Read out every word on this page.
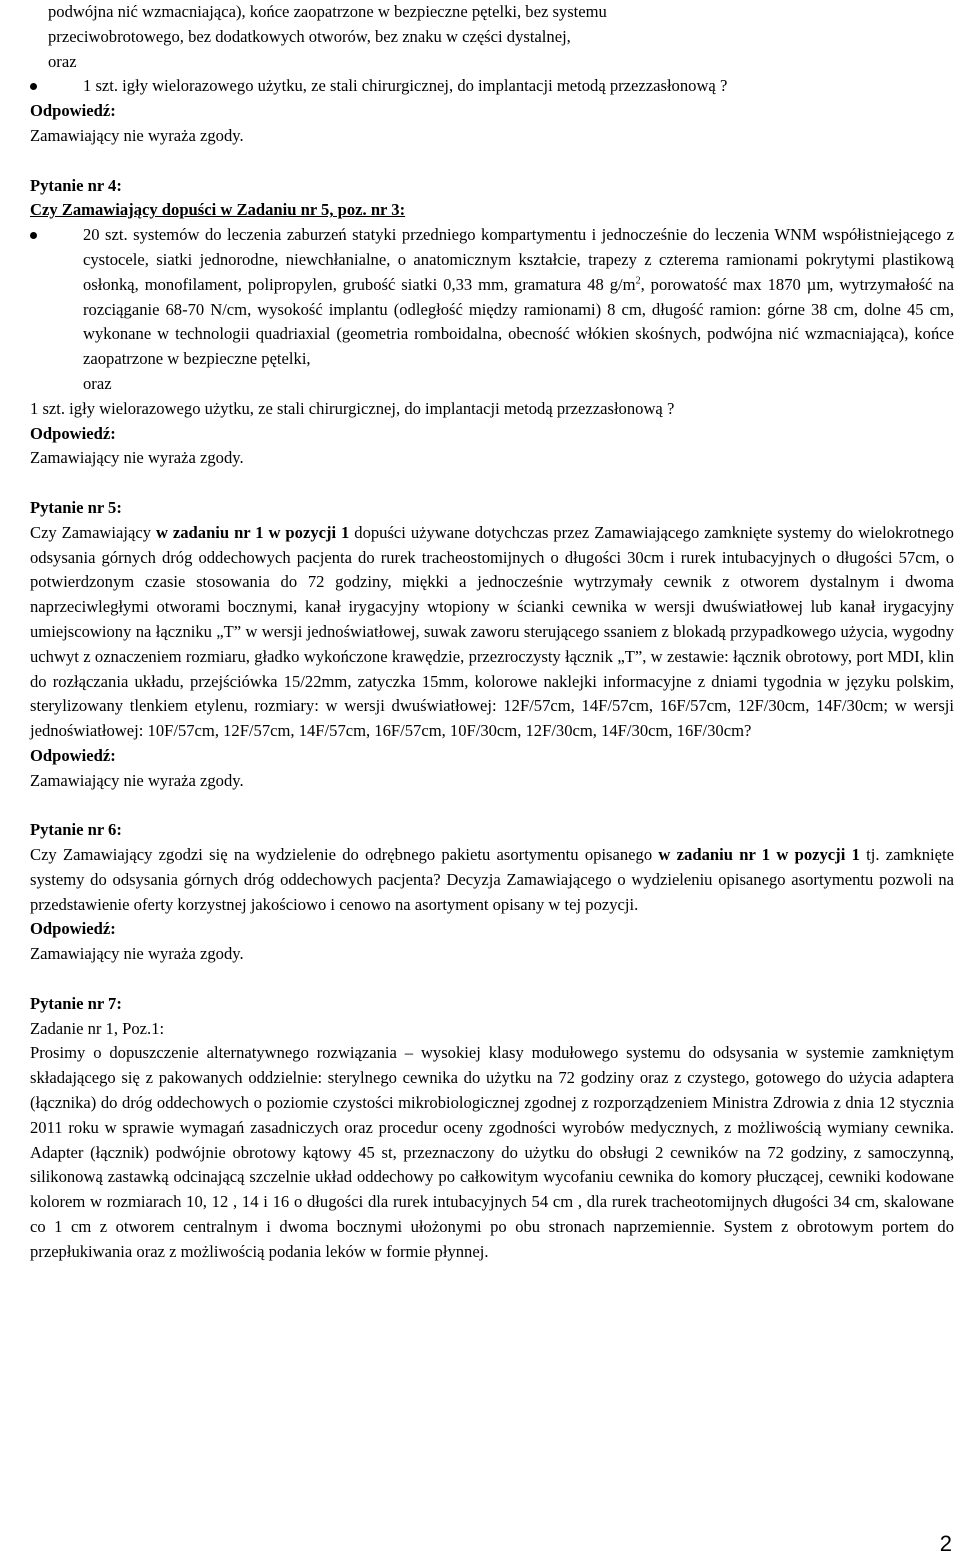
podwójna nić wzmacniająca), końce zaopatrzone w bezpieczne pętelki, bez systemu

przeciwobrotowego, bez dodatkowych otworów, bez znaku w części dystalnej,

oraz

1 szt. igły wielorazowego użytku, ze stali chirurgicznej, do implantacji metodą przezzasłonową ?

Odpowiedź:

Zamawiający nie wyraża zgody.

Pytanie nr 4:

Czy Zamawiający dopuści w Zadaniu nr 5, poz. nr 3:

20 szt. systemów do leczenia zaburzeń statyki przedniego kompartymentu i jednocześnie do leczenia WNM współistniejącego z cystocele, siatki jednorodne, niewchłanialne, o anatomicznym kształcie, trapezy z czterema ramionami pokrytymi plastikową osłonką, monofilament, polipropylen, grubość siatki 0,33 mm, gramatura 48 $g/m^2$, porowatość max 1870 µm, wytrzymałość na rozciąganie 68-70 N/cm, wysokość implantu (odległość między ramionami) 8 cm, długość ramion: górne 38 cm, dolne 45 cm, wykonane w technologii quadriaxial (geometria romboidalna, obecność włókien skośnych, podwójna nić wzmacniająca), końce zaopatrzone w bezpieczne pętelki,

oraz

1 szt. igły wielorazowego użytku, ze stali chirurgicznej, do implantacji metodą przezzasłonową ?

Odpowiedź:

Zamawiający nie wyraża zgody.

Pytanie nr 5:

Czy Zamawiający w zadaniu nr 1 w pozycji 1 dopuści używane dotychczas przez Zamawiającego zamknięte systemy do wielokrotnego odsysania górnych dróg oddechowych pacjenta do rurek tracheostomijnych o długości 30cm i rurek intubacyjnych o długości 57cm, o potwierdzonym czasie stosowania do 72 godziny, miękki a jednocześnie wytrzymały cewnik z otworem dystalnym i dwoma naprzeciwległymi otworami bocznymi, kanał irygacyjny wtopiony w ścianki cewnika w wersji dwuświatłowej lub kanał irygacyjny umiejscowiony na łączniku „T” w wersji jednoświatłowej, suwak zaworu sterującego ssaniem z blokadą przypadkowego użycia, wygodny uchwyt z oznaczeniem rozmiaru, gładko wykończone krawędzie, przezroczysty łącznik „T”, w zestawie: łącznik obrotowy, port MDI, klin do rozłączania układu, przejściówka 15/22mm, zatyczka 15mm, kolorowe naklejki informacyjne z dniami tygodnia w języku polskim, sterylizowany tlenkiem etylenu, rozmiary: w wersji dwuświatłowej: 12F/57cm, 14F/57cm, 16F/57cm, 12F/30cm, 14F/30cm; w wersji jednoświatłowej: 10F/57cm, 12F/57cm, 14F/57cm, 16F/57cm, 10F/30cm, 12F/30cm, 14F/30cm, 16F/30cm?

Odpowiedź:

Zamawiający nie wyraża zgody.

Pytanie nr 6:

Czy Zamawiający zgodzi się na wydzielenie do odrębnego pakietu asortymentu opisanego w zadaniu nr 1 w pozycji 1 tj. zamknięte systemy do odsysania górnych dróg oddechowych pacjenta? Decyzja Zamawiającego o wydzieleniu opisanego asortymentu pozwoli na przedstawienie oferty korzystnej jakościowo i cenowo na asortyment opisany w tej pozycji.

Odpowiedź:

Zamawiający nie wyraża zgody.

Pytanie nr 7:

Zadanie nr 1, Poz.1:

Prosimy o dopuszczenie alternatywnego rozwiązania – wysokiej klasy modułowego systemu do odsysania w systemie zamkniętym składającego się z pakowanych oddzielnie: sterylnego cewnika do użytku na 72 godziny oraz z czystego, gotowego do użycia adaptera (łącznika) do dróg oddechowych o poziomie czystości mikrobiologicznej zgodnej z rozporządzeniem Ministra Zdrowia z dnia 12 stycznia 2011 roku w sprawie wymagań zasadniczych oraz procedur oceny zgodności wyrobów medycznych, z możliwością wymiany cewnika. Adapter (łącznik) podwójnie obrotowy kątowy 45 st, przeznaczony do użytku do obsługi 2 cewników na 72 godziny, z samoczynną, silikonową zastawką odcinającą szczelnie układ oddechowy po całkowitym wycofaniu cewnika do komory płuczącej, cewniki kodowane kolorem w rozmiarach 10, 12 , 14 i 16 o długości dla rurek intubacyjnych 54 cm , dla rurek tracheotomijnych długości 34 cm, skalowane co 1 cm z otworem centralnym i dwoma bocznymi ułożonymi po obu stronach naprzemiennie. System z obrotowym portem do przepłukiwania oraz z możliwością podania leków w formie płynnej.

2
